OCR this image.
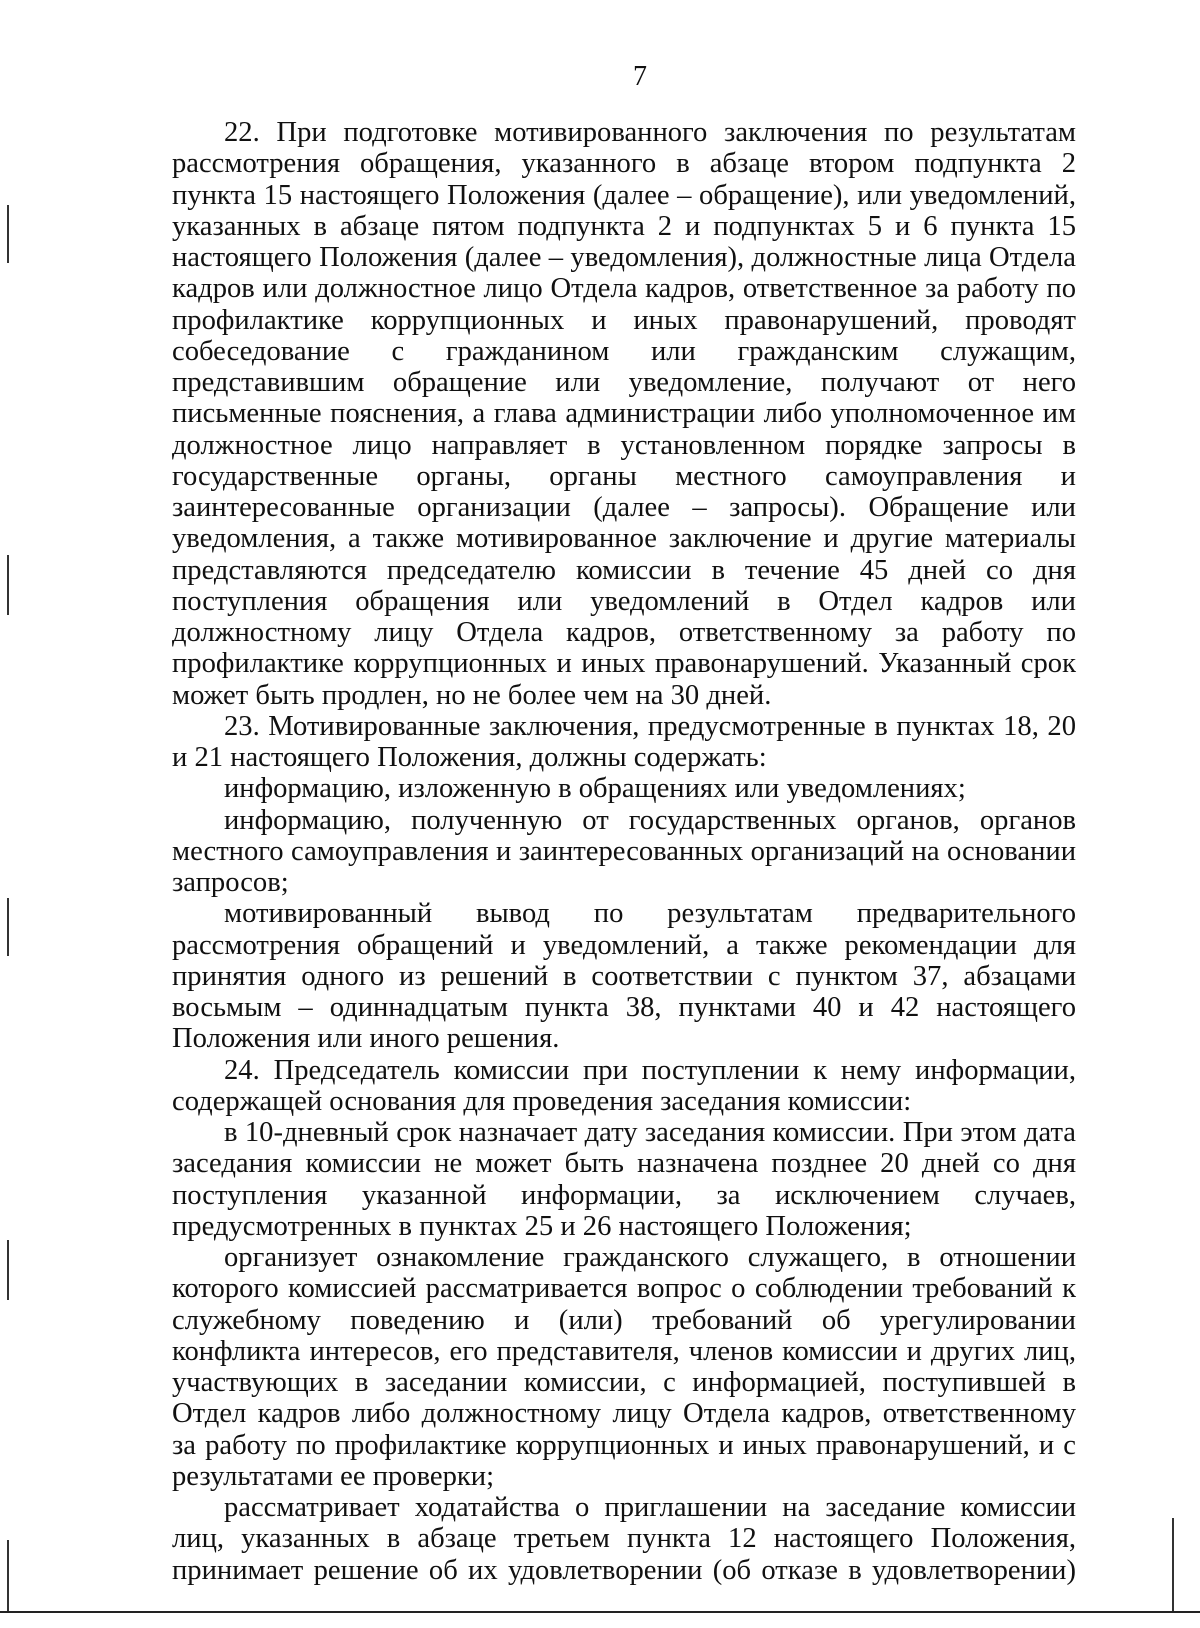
7

22. При подготовке мотивированного заключения по результатам рассмотрения обращения, указанного в абзаце втором подпункта 2 пункта 15 настоящего Положения (далее – обращение), или уведомлений, указанных в абзаце пятом подпункта 2 и подпунктах 5 и 6 пункта 15 настоящего Положения (далее – уведомления), должностные лица Отдела кадров или должностное лицо Отдела кадров, ответственное за работу по профилактике коррупционных и иных правонарушений, проводят собеседование с гражданином или гражданским служащим, представившим обращение или уведомление, получают от него письменные пояснения, а глава администрации либо уполномоченное им должностное лицо направляет в установленном порядке запросы в государственные органы, органы местного самоуправления и заинтересованные организации (далее – запросы). Обращение или уведомления, а также мотивированное заключение и другие материалы представляются председателю комиссии в течение 45 дней со дня поступления обращения или уведомлений в Отдел кадров или должностному лицу Отдела кадров, ответственному за работу по профилактике коррупционных и иных правонарушений. Указанный срок может быть продлен, но не более чем на 30 дней.

23. Мотивированные заключения, предусмотренные в пунктах 18, 20 и 21 настоящего Положения, должны содержать:

информацию, изложенную в обращениях или уведомлениях;

информацию, полученную от государственных органов, органов местного самоуправления и заинтересованных организаций на основании запросов;

мотивированный вывод по результатам предварительного рассмотрения обращений и уведомлений, а также рекомендации для принятия одного из решений в соответствии с пунктом 37, абзацами восьмым – одиннадцатым пункта 38, пунктами 40 и 42 настоящего Положения или иного решения.

24. Председатель комиссии при поступлении к нему информации, содержащей основания для проведения заседания комиссии:

в 10-дневный срок назначает дату заседания комиссии. При этом дата заседания комиссии не может быть назначена позднее 20 дней со дня поступления указанной информации, за исключением случаев, предусмотренных в пунктах 25 и 26 настоящего Положения;

организует ознакомление гражданского служащего, в отношении которого комиссией рассматривается вопрос о соблюдении требований к служебному поведению и (или) требований об урегулировании конфликта интересов, его представителя, членов комиссии и других лиц, участвующих в заседании комиссии, с информацией, поступившей в Отдел кадров либо должностному лицу Отдела кадров, ответственному за работу по профилактике коррупционных и иных правонарушений, и с результатами ее проверки;

рассматривает ходатайства о приглашении на заседание комиссии лиц, указанных в абзаце третьем пункта 12 настоящего Положения, принимает решение об их удовлетворении (об отказе в удовлетворении)
